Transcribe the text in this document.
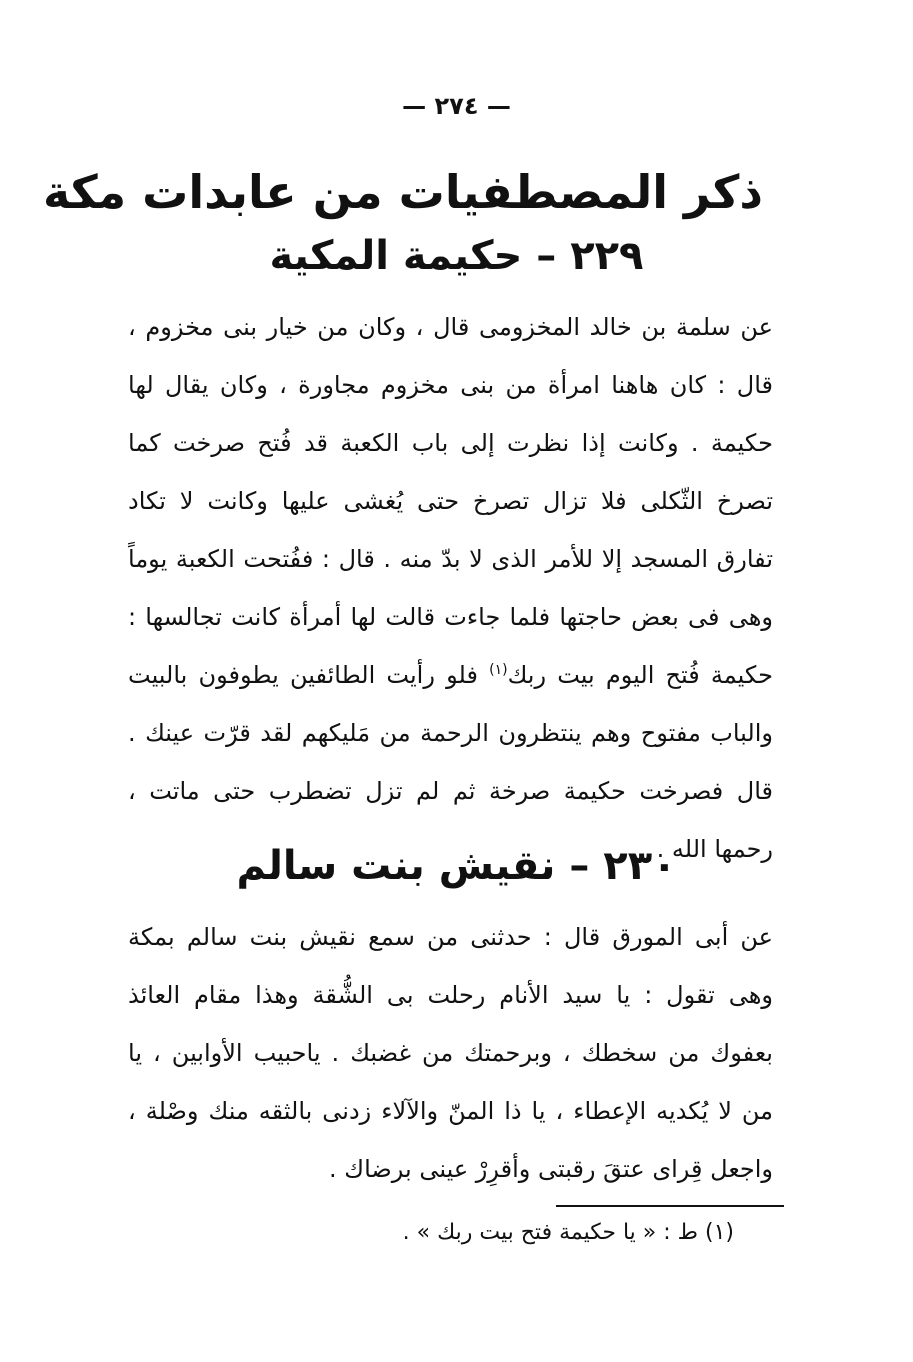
— ٢٧٤ —
ذكر المصطفيات من عابدات مكة
٢٢٩ – حكيمة المكية

عن سلمة بن خالد المخزومى قال ، وكان من خيار بنى مخزوم ، قال : كان هاهنا امرأة من بنى مخزوم مجاورة ، وكان يقال لها حكيمة . وكانت إذا نظرت إلى باب الكعبة قد فُتح صرخت كما تصرخ الثّكلى فلا تزال تصرخ حتى يُغشى عليها وكانت لا تكاد تفارق المسجد إلا للأمر الذى لا بدّ منه . قال : ففُتحت الكعبة يوماً وهى فى بعض حاجتها فلما جاءت قالت لها أمرأة كانت تجالسها : حكيمة فُتح اليوم بيت ربك$^{(١)}$ فلو رأيت الطائفين يطوفون بالبيت والباب مفتوح وهم ينتظرون الرحمة من مَليكهم لقد قرّت عينك . قال فصرخت حكيمة صرخة ثم لم تزل تضطرب حتى ماتت ، رحمها الله .

٢٣٠ – نقيش بنت سالم

عن أبى المورق قال : حدثنى من سمع نقيش بنت سالم بمكة وهى تقول : يا سيد الأنام رحلت بى الشُّقة وهذا مقام العائذ بعفوك من سخطك ، وبرحمتك من غضبك . ياحبيب الأوابين ، يا من لا يُكديه الإعطاء ، يا ذا المنّ والآلاء زدنى بالثقه منك وصْلة ، واجعل قِراى عتقَ رقبتى وأقرِرْ عينى برضاك .

(١) ط : « يا حكيمة فتح بيت ربك » .
